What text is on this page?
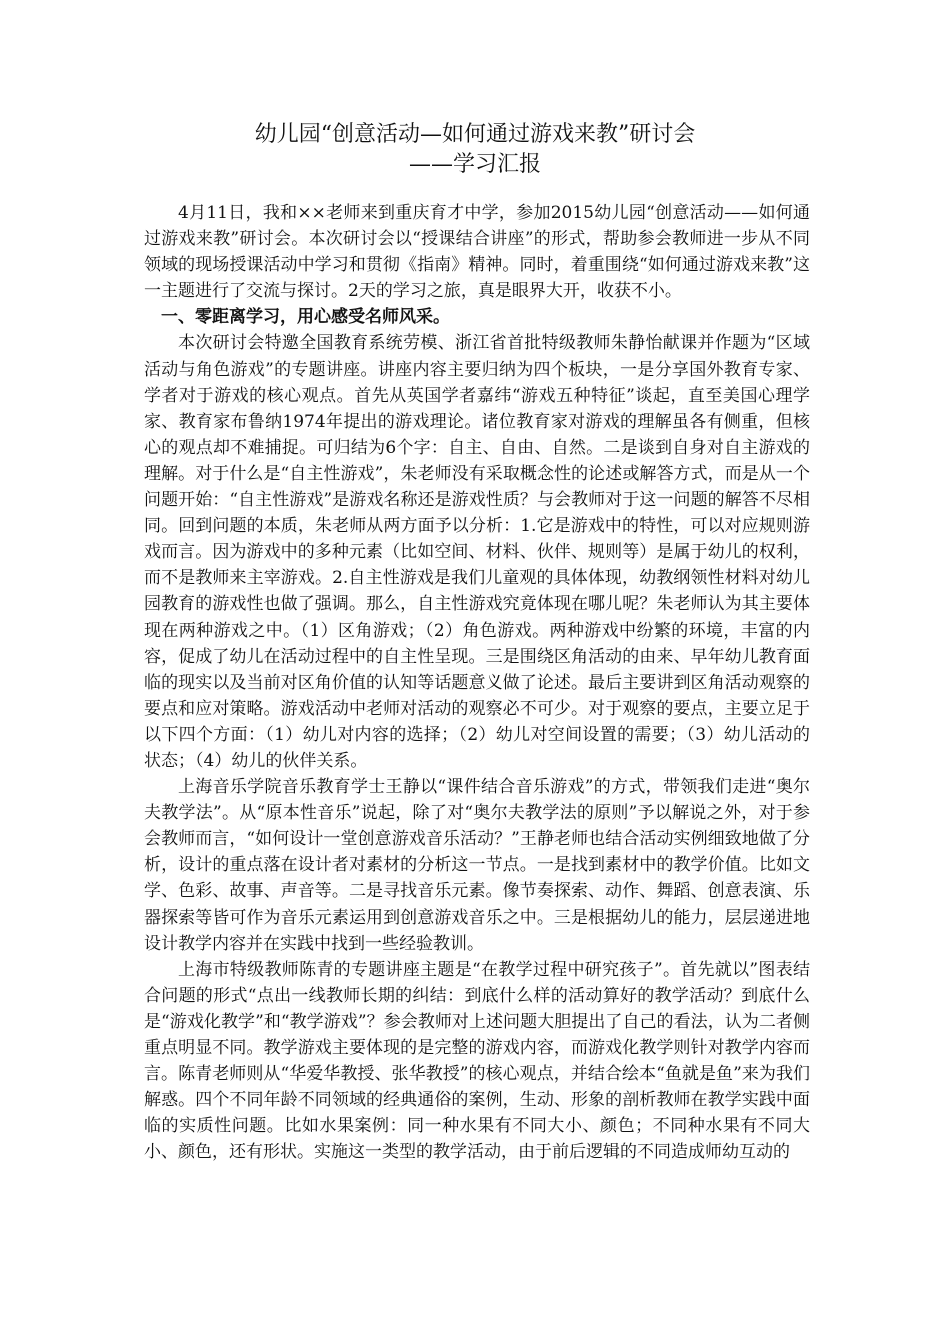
幼儿园“创意活动—如何通过游戏来教”研讨会
——学习汇报

4月11日，我和××老师来到重庆育才中学，参加2015幼儿园“创意活动——如何通过游戏来教”研讨会。本次研讨会以“授课结合讲座”的形式，帮助参会教师进一步从不同领域的现场授课活动中学习和贯彻《指南》精神。同时，着重围绕“如何通过游戏来教”这一主题进行了交流与探讨。2天的学习之旅，真是眼界大开，收获不小。

一、零距离学习，用心感受名师风采。

本次研讨会特邀全国教育系统劳模、浙江省首批特级教师朱静怡献课并作题为“区域活动与角色游戏”的专题讲座。讲座内容主要归纳为四个板块，一是分享国外教育专家、学者对于游戏的核心观点。首先从英国学者嘉纬“游戏五种特征”谈起，直至美国心理学家、教育家布鲁纳1974年提出的游戏理论。诸位教育家对游戏的理解虽各有侧重，但核心的观点却不难捕捉。可归结为6个字：自主、自由、自然。二是谈到自身对自主游戏的理解。对于什么是“自主性游戏”，朱老师没有采取概念性的论述或解答方式，而是从一个问题开始：“自主性游戏”是游戏名称还是游戏性质？与会教师对于这一问题的解答不尽相同。回到问题的本质，朱老师从两方面予以分析：1.它是游戏中的特性，可以对应规则游戏而言。因为游戏中的多种元素（比如空间、材料、伙伴、规则等）是属于幼儿的权利，而不是教师来主宰游戏。2.自主性游戏是我们儿童观的具体体现，幼教纲领性材料对幼儿园教育的游戏性也做了强调。那么，自主性游戏究竟体现在哪儿呢？朱老师认为其主要体现在两种游戏之中。（1）区角游戏；（2）角色游戏。两种游戏中纷繁的环境，丰富的内容，促成了幼儿在活动过程中的自主性呈现。三是围绕区角活动的由来、早年幼儿教育面临的现实以及当前对区角价值的认知等话题意义做了论述。最后主要讲到区角活动观察的要点和应对策略。游戏活动中老师对活动的观察必不可少。对于观察的要点，主要立足于以下四个方面：（1）幼儿对内容的选择；（2）幼儿对空间设置的需要；（3）幼儿活动的状态；（4）幼儿的伙伴关系。

上海音乐学院音乐教育学士王静以“课件结合音乐游戏”的方式，带领我们走进“奥尔夫教学法”。从“原本性音乐”说起，除了对“奥尔夫教学法的原则”予以解说之外，对于参会教师而言，“如何设计一堂创意游戏音乐活动？”王静老师也结合活动实例细致地做了分析，设计的重点落在设计者对素材的分析这一节点。一是找到素材中的教学价值。比如文学、色彩、故事、声音等。二是寻找音乐元素。像节奏探索、动作、舞蹈、创意表演、乐器探索等皆可作为音乐元素运用到创意游戏音乐之中。三是根据幼儿的能力，层层递进地设计教学内容并在实践中找到一些经验教训。

上海市特级教师陈青的专题讲座主题是“在教学过程中研究孩子”。首先就以”图表结合问题的形式“点出一线教师长期的纠结：到底什么样的活动算好的教学活动？到底什么是“游戏化教学”和“教学游戏”？参会教师对上述问题大胆提出了自己的看法，认为二者侧重点明显不同。教学游戏主要体现的是完整的游戏内容，而游戏化教学则针对教学内容而言。陈青老师则从“华爱华教授、张华教授”的核心观点，并结合绘本“鱼就是鱼”来为我们解惑。四个不同年龄不同领域的经典通俗的案例，生动、形象的剖析教师在教学实践中面临的实质性问题。比如水果案例：同一种水果有不同大小、颜色；不同种水果有不同大小、颜色，还有形状。实施这一类型的教学活动，由于前后逻辑的不同造成师幼互动的
